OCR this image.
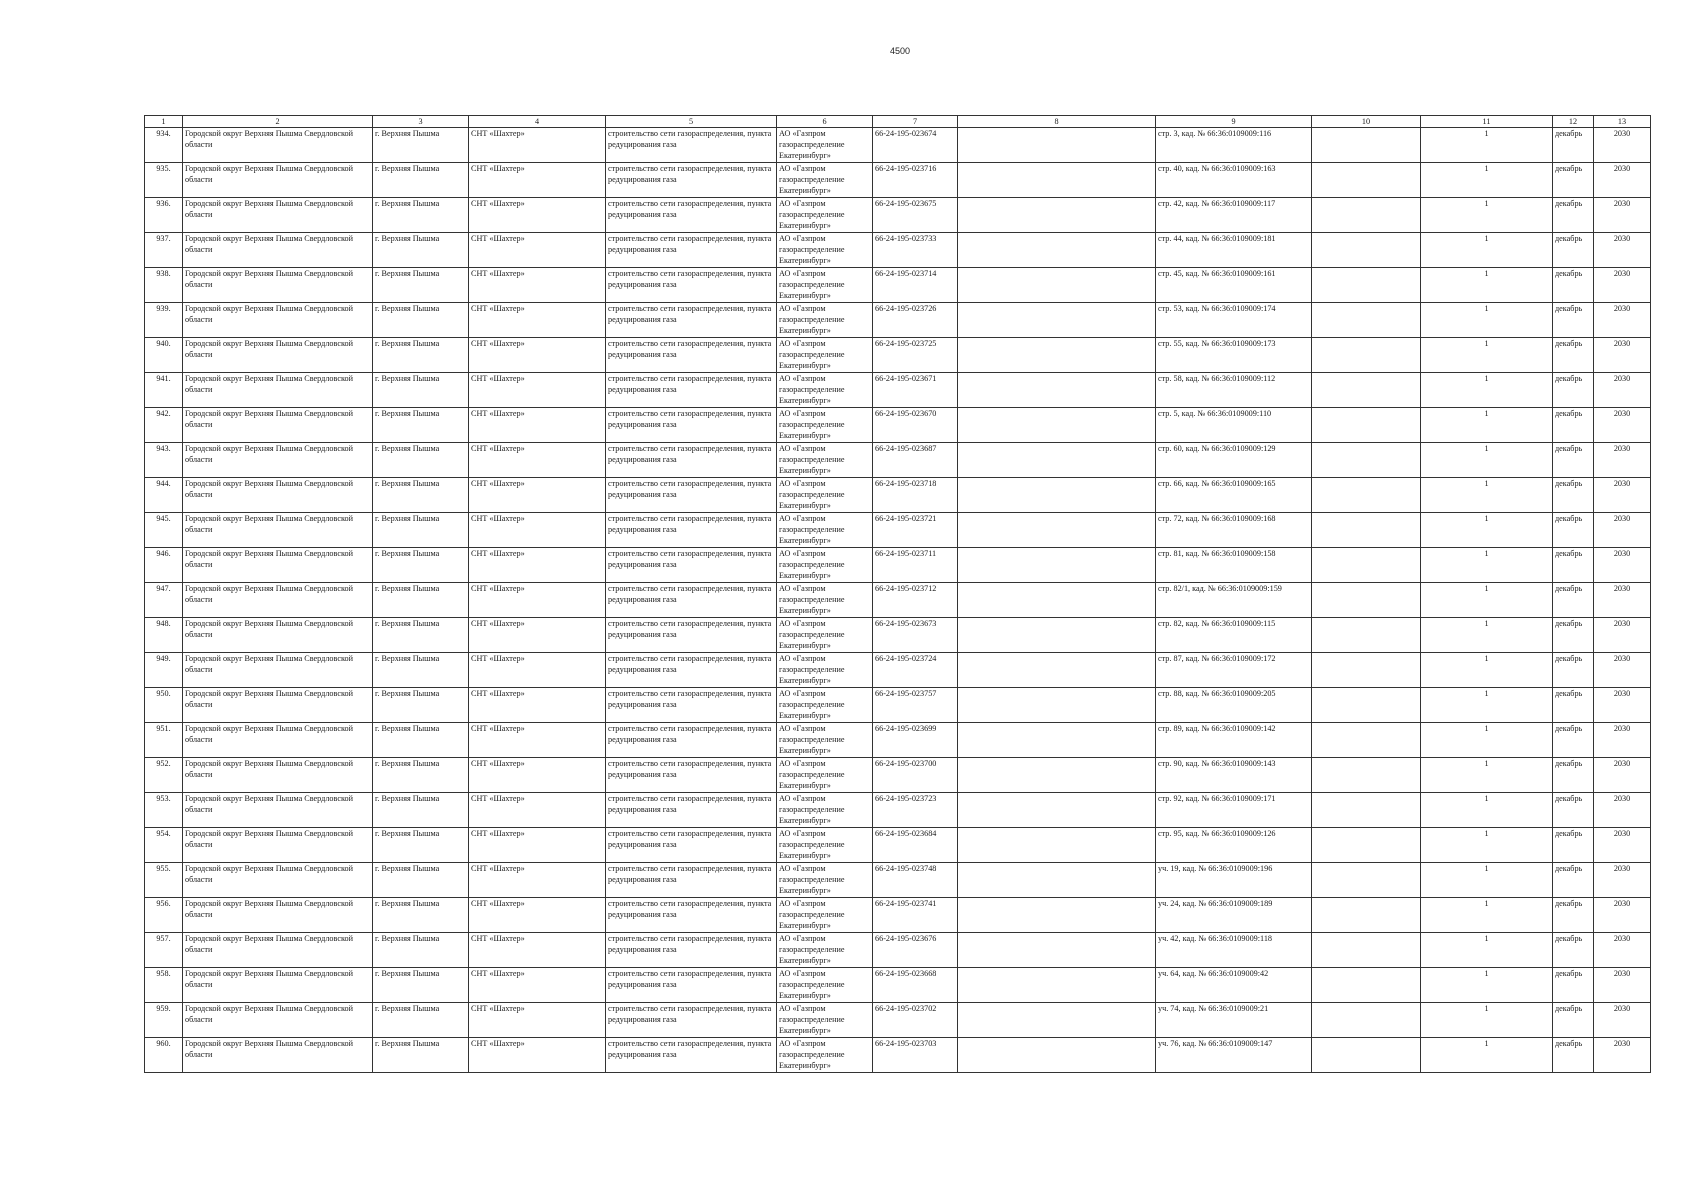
4500
1	2	3	4	5	6	7	8	9	10	11	12	13
934.	Городской округ Верхняя Пышма Свердловской области	г. Верхняя Пышма	СНТ «Шахтер»	строительство сети газораспределения, пункта редуцирования газа	АО «Газпром газораспределение Екатеринбург»	66-24-195-023674		стр. 3, кад. № 66:36:0109009:116		1	декабрь	2030
935.	Городской округ Верхняя Пышма Свердловской области	г. Верхняя Пышма	СНТ «Шахтер»	строительство сети газораспределения, пункта редуцирования газа	АО «Газпром газораспределение Екатеринбург»	66-24-195-023716		стр. 40, кад. № 66:36:0109009:163		1	декабрь	2030
936.	Городской округ Верхняя Пышма Свердловской области	г. Верхняя Пышма	СНТ «Шахтер»	строительство сети газораспределения, пункта редуцирования газа	АО «Газпром газораспределение Екатеринбург»	66-24-195-023675		стр. 42, кад. № 66:36:0109009:117		1	декабрь	2030
937.	Городской округ Верхняя Пышма Свердловской области	г. Верхняя Пышма	СНТ «Шахтер»	строительство сети газораспределения, пункта редуцирования газа	АО «Газпром газораспределение Екатеринбург»	66-24-195-023733		стр. 44, кад. № 66:36:0109009:181		1	декабрь	2030
938.	Городской округ Верхняя Пышма Свердловской области	г. Верхняя Пышма	СНТ «Шахтер»	строительство сети газораспределения, пункта редуцирования газа	АО «Газпром газораспределение Екатеринбург»	66-24-195-023714		стр. 45, кад. № 66:36:0109009:161		1	декабрь	2030
939.	Городской округ Верхняя Пышма Свердловской области	г. Верхняя Пышма	СНТ «Шахтер»	строительство сети газораспределения, пункта редуцирования газа	АО «Газпром газораспределение Екатеринбург»	66-24-195-023726		стр. 53, кад. № 66:36:0109009:174		1	декабрь	2030
940.	Городской округ Верхняя Пышма Свердловской области	г. Верхняя Пышма	СНТ «Шахтер»	строительство сети газораспределения, пункта редуцирования газа	АО «Газпром газораспределение Екатеринбург»	66-24-195-023725		стр. 55, кад. № 66:36:0109009:173		1	декабрь	2030
941.	Городской округ Верхняя Пышма Свердловской области	г. Верхняя Пышма	СНТ «Шахтер»	строительство сети газораспределения, пункта редуцирования газа	АО «Газпром газораспределение Екатеринбург»	66-24-195-023671		стр. 58, кад. № 66:36:0109009:112		1	декабрь	2030
942.	Городской округ Верхняя Пышма Свердловской области	г. Верхняя Пышма	СНТ «Шахтер»	строительство сети газораспределения, пункта редуцирования газа	АО «Газпром газораспределение Екатеринбург»	66-24-195-023670		стр. 5, кад. № 66:36:0109009:110		1	декабрь	2030
943.	Городской округ Верхняя Пышма Свердловской области	г. Верхняя Пышма	СНТ «Шахтер»	строительство сети газораспределения, пункта редуцирования газа	АО «Газпром газораспределение Екатеринбург»	66-24-195-023687		стр. 60, кад. № 66:36:0109009:129		1	декабрь	2030
944.	Городской округ Верхняя Пышма Свердловской области	г. Верхняя Пышма	СНТ «Шахтер»	строительство сети газораспределения, пункта редуцирования газа	АО «Газпром газораспределение Екатеринбург»	66-24-195-023718		стр. 66, кад. № 66:36:0109009:165		1	декабрь	2030
945.	Городской округ Верхняя Пышма Свердловской области	г. Верхняя Пышма	СНТ «Шахтер»	строительство сети газораспределения, пункта редуцирования газа	АО «Газпром газораспределение Екатеринбург»	66-24-195-023721		стр. 72, кад. № 66:36:0109009:168		1	декабрь	2030
946.	Городской округ Верхняя Пышма Свердловской области	г. Верхняя Пышма	СНТ «Шахтер»	строительство сети газораспределения, пункта редуцирования газа	АО «Газпром газораспределение Екатеринбург»	66-24-195-023711		стр. 81, кад. № 66:36:0109009:158		1	декабрь	2030
947.	Городской округ Верхняя Пышма Свердловской области	г. Верхняя Пышма	СНТ «Шахтер»	строительство сети газораспределения, пункта редуцирования газа	АО «Газпром газораспределение Екатеринбург»	66-24-195-023712		стр. 82/1, кад. № 66:36:0109009:159		1	декабрь	2030
948.	Городской округ Верхняя Пышма Свердловской области	г. Верхняя Пышма	СНТ «Шахтер»	строительство сети газораспределения, пункта редуцирования газа	АО «Газпром газораспределение Екатеринбург»	66-24-195-023673		стр. 82, кад. № 66:36:0109009:115		1	декабрь	2030
949.	Городской округ Верхняя Пышма Свердловской области	г. Верхняя Пышма	СНТ «Шахтер»	строительство сети газораспределения, пункта редуцирования газа	АО «Газпром газораспределение Екатеринбург»	66-24-195-023724		стр. 87, кад. № 66:36:0109009:172		1	декабрь	2030
950.	Городской округ Верхняя Пышма Свердловской области	г. Верхняя Пышма	СНТ «Шахтер»	строительство сети газораспределения, пункта редуцирования газа	АО «Газпром газораспределение Екатеринбург»	66-24-195-023757		стр. 88, кад. № 66:36:0109009:205		1	декабрь	2030
951.	Городской округ Верхняя Пышма Свердловской области	г. Верхняя Пышма	СНТ «Шахтер»	строительство сети газораспределения, пункта редуцирования газа	АО «Газпром газораспределение Екатеринбург»	66-24-195-023699		стр. 89, кад. № 66:36:0109009:142		1	декабрь	2030
952.	Городской округ Верхняя Пышма Свердловской области	г. Верхняя Пышма	СНТ «Шахтер»	строительство сети газораспределения, пункта редуцирования газа	АО «Газпром газораспределение Екатеринбург»	66-24-195-023700		стр. 90, кад. № 66:36:0109009:143		1	декабрь	2030
953.	Городской округ Верхняя Пышма Свердловской области	г. Верхняя Пышма	СНТ «Шахтер»	строительство сети газораспределения, пункта редуцирования газа	АО «Газпром газораспределение Екатеринбург»	66-24-195-023723		стр. 92, кад. № 66:36:0109009:171		1	декабрь	2030
954.	Городской округ Верхняя Пышма Свердловской области	г. Верхняя Пышма	СНТ «Шахтер»	строительство сети газораспределения, пункта редуцирования газа	АО «Газпром газораспределение Екатеринбург»	66-24-195-023684		стр. 95, кад. № 66:36:0109009:126		1	декабрь	2030
955.	Городской округ Верхняя Пышма Свердловской области	г. Верхняя Пышма	СНТ «Шахтер»	строительство сети газораспределения, пункта редуцирования газа	АО «Газпром газораспределение Екатеринбург»	66-24-195-023748		уч. 19, кад. № 66:36:0109009:196		1	декабрь	2030
956.	Городской округ Верхняя Пышма Свердловской области	г. Верхняя Пышма	СНТ «Шахтер»	строительство сети газораспределения, пункта редуцирования газа	АО «Газпром газораспределение Екатеринбург»	66-24-195-023741		уч. 24, кад. № 66:36:0109009:189		1	декабрь	2030
957.	Городской округ Верхняя Пышма Свердловской области	г. Верхняя Пышма	СНТ «Шахтер»	строительство сети газораспределения, пункта редуцирования газа	АО «Газпром газораспределение Екатеринбург»	66-24-195-023676		уч. 42, кад. № 66:36:0109009:118		1	декабрь	2030
958.	Городской округ Верхняя Пышма Свердловской области	г. Верхняя Пышма	СНТ «Шахтер»	строительство сети газораспределения, пункта редуцирования газа	АО «Газпром газораспределение Екатеринбург»	66-24-195-023668		уч. 64, кад. № 66:36:0109009:42		1	декабрь	2030
959.	Городской округ Верхняя Пышма Свердловской области	г. Верхняя Пышма	СНТ «Шахтер»	строительство сети газораспределения, пункта редуцирования газа	АО «Газпром газораспределение Екатеринбург»	66-24-195-023702		уч. 74, кад. № 66:36:0109009:21		1	декабрь	2030
960.	Городской округ Верхняя Пышма Свердловской области	г. Верхняя Пышма	СНТ «Шахтер»	строительство сети газораспределения, пункта редуцирования газа	АО «Газпром газораспределение Екатеринбург»	66-24-195-023703		уч. 76, кад. № 66:36:0109009:147		1	декабрь	2030
